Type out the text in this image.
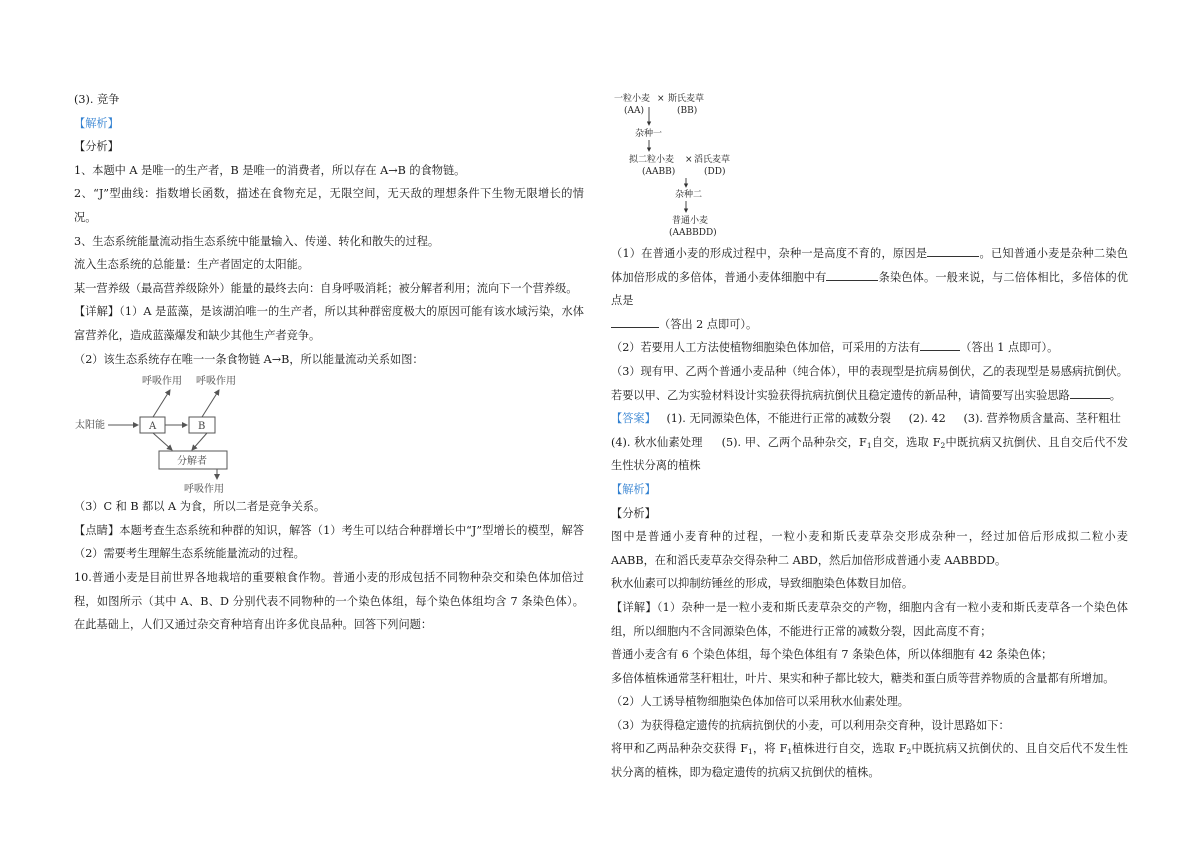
(3). 竞争

【解析】

【分析】

1、本题中 A 是唯一的生产者，B 是唯一的消费者，所以存在 A→B 的食物链。

2、“J”型曲线：指数增长函数，描述在食物充足，无限空间，无天敌的理想条件下生物无限增长的情况。

3、生态系统能量流动指生态系统中能量输入、传递、转化和散失的过程。

流入生态系统的总能量：生产者固定的太阳能。

某一营养级（最高营养级除外）能量的最终去向：自身呼吸消耗；被分解者利用；流向下一个营养级。

【详解】（1）A 是蓝藻，是该湖泊唯一的生产者，所以其种群密度极大的原因可能有该水域污染，水体富营养化，造成蓝藻爆发和缺少其他生产者竞争。

（2）该生态系统存在唯一一条食物链 A→B，所以能量流动关系如图：

呼吸作用 呼吸作用
太阳能	A	B
分解者
呼吸作用

（3）C 和 B 都以 A 为食，所以二者是竞争关系。

【点睛】本题考查生态系统和种群的知识，解答（1）考生可以结合种群增长中“J”型增长的模型，解答（2）需要考生理解生态系统能量流动的过程。

10.普通小麦是目前世界各地栽培的重要粮食作物。普通小麦的形成包括不同物种杂交和染色体加倍过程，如图所示（其中 A、B、D 分别代表不同物种的一个染色体组，每个染色体组均含 7 条染色体）。在此基础上，人们又通过杂交育种培育出许多优良品种。回答下列问题：

一粒小麦 × 斯氏麦草
(AA)	(BB)
杂种一
拟二粒小麦 × 滔氏麦草
(AABB)	(DD)
杂种二
普通小麦
(AABBDD)

（1）在普通小麦的形成过程中，杂种一是高度不育的，原因是	。已知普通小麦是杂种二染色体加倍形成的多倍体，普通小麦体细胞中有	条染色体。一般来说，与二倍体相比，多倍体的优点是
（答出 2 点即可）。

（2）若要用人工方法使植物细胞染色体加倍，可采用的方法有	（答出 1 点即可）。

（3）现有甲、乙两个普通小麦品种（纯合体），甲的表现型是抗病易倒伏，乙的表现型是易感病抗倒伏。若要以甲、乙为实验材料设计实验获得抗病抗倒伏且稳定遗传的新品种，请简要写出实验思路	。

【答案】 (1). 无同源染色体，不能进行正常的减数分裂 (2). 42 (3). 营养物质含量高、茎秆粗壮
(4). 秋水仙素处理 (5). 甲、乙两个品种杂交，$F_1$自交，选取 $F_2$中既抗病又抗倒伏、且自交后代不发生性状分离的植株

【解析】

【分析】

图中是普通小麦育种的过程，一粒小麦和斯氏麦草杂交形成杂种一，经过加倍后形成拟二粒小麦 AABB，在和滔氏麦草杂交得杂种二 ABD，然后加倍形成普通小麦 AABBDD。

秋水仙素可以抑制纺锤丝的形成，导致细胞染色体数目加倍。

【详解】（1）杂种一是一粒小麦和斯氏麦草杂交的产物，细胞内含有一粒小麦和斯氏麦草各一个染色体组，所以细胞内不含同源染色体，不能进行正常的减数分裂，因此高度不育；

普通小麦含有 6 个染色体组，每个染色体组有 7 条染色体，所以体细胞有 42 条染色体；

多倍体植株通常茎秆粗壮，叶片、果实和种子都比较大，糖类和蛋白质等营养物质的含量都有所增加。

（2）人工诱导植物细胞染色体加倍可以采用秋水仙素处理。

（3）为获得稳定遗传的抗病抗倒伏的小麦，可以利用杂交育种，设计思路如下：

将甲和乙两品种杂交获得 $F_1$，将 $F_1$植株进行自交，选取 $F_2$中既抗病又抗倒伏的、且自交后代不发生性状分离的植株，即为稳定遗传的抗病又抗倒伏的植株。
